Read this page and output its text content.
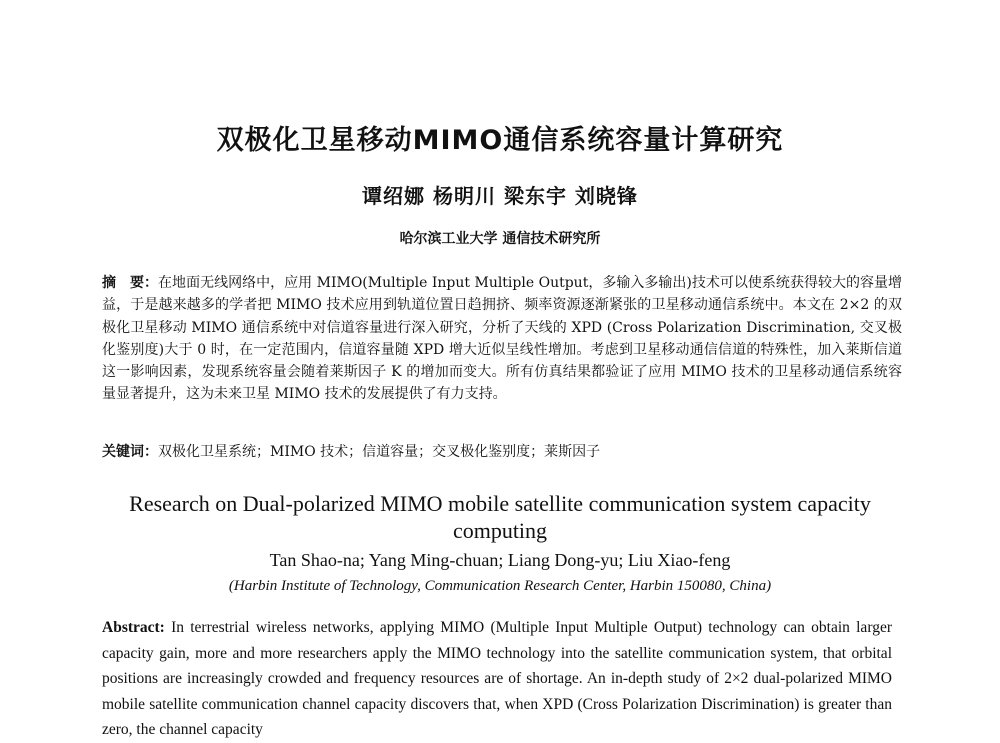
双极化卫星移动MIMO通信系统容量计算研究
谭绍娜 杨明川 梁东宇 刘晓锋
哈尔滨工业大学 通信技术研究所
摘　要：在地面无线网络中，应用 MIMO(Multiple Input Multiple Output，多输入多输出)技术可以使系统获得较大的容量增益，于是越来越多的学者把 MIMO 技术应用到轨道位置日趋拥挤、频率资源逐渐紧张的卫星移动通信系统中。本文在 2×2 的双极化卫星移动 MIMO 通信系统中对信道容量进行深入研究，分析了天线的 XPD (Cross Polarization Discrimination, 交叉极化鉴别度)大于 0 时，在一定范围内，信道容量随 XPD 增大近似呈线性增加。考虑到卫星移动通信信道的特殊性，加入莱斯信道这一影响因素，发现系统容量会随着莱斯因子 K 的增加而变大。所有仿真结果都验证了应用 MIMO 技术的卫星移动通信系统容量显著提升，这为未来卫星 MIMO 技术的发展提供了有力支持。
关键词：双极化卫星系统；MIMO 技术；信道容量；交叉极化鉴别度；莱斯因子
Research on Dual-polarized MIMO mobile satellite communication system capacity computing
Tan Shao-na; Yang Ming-chuan; Liang Dong-yu; Liu Xiao-feng
(Harbin Institute of Technology, Communication Research Center, Harbin 150080, China)
Abstract: In terrestrial wireless networks, applying MIMO (Multiple Input Multiple Output) technology can obtain larger capacity gain, more and more researchers apply the MIMO technology into the satellite communication system, that orbital positions are increasingly crowded and frequency resources are of shortage. An in-depth study of 2×2 dual-polarized MIMO mobile satellite communication channel capacity discovers that, when XPD (Cross Polarization Discrimination) is greater than zero, the channel capacity
